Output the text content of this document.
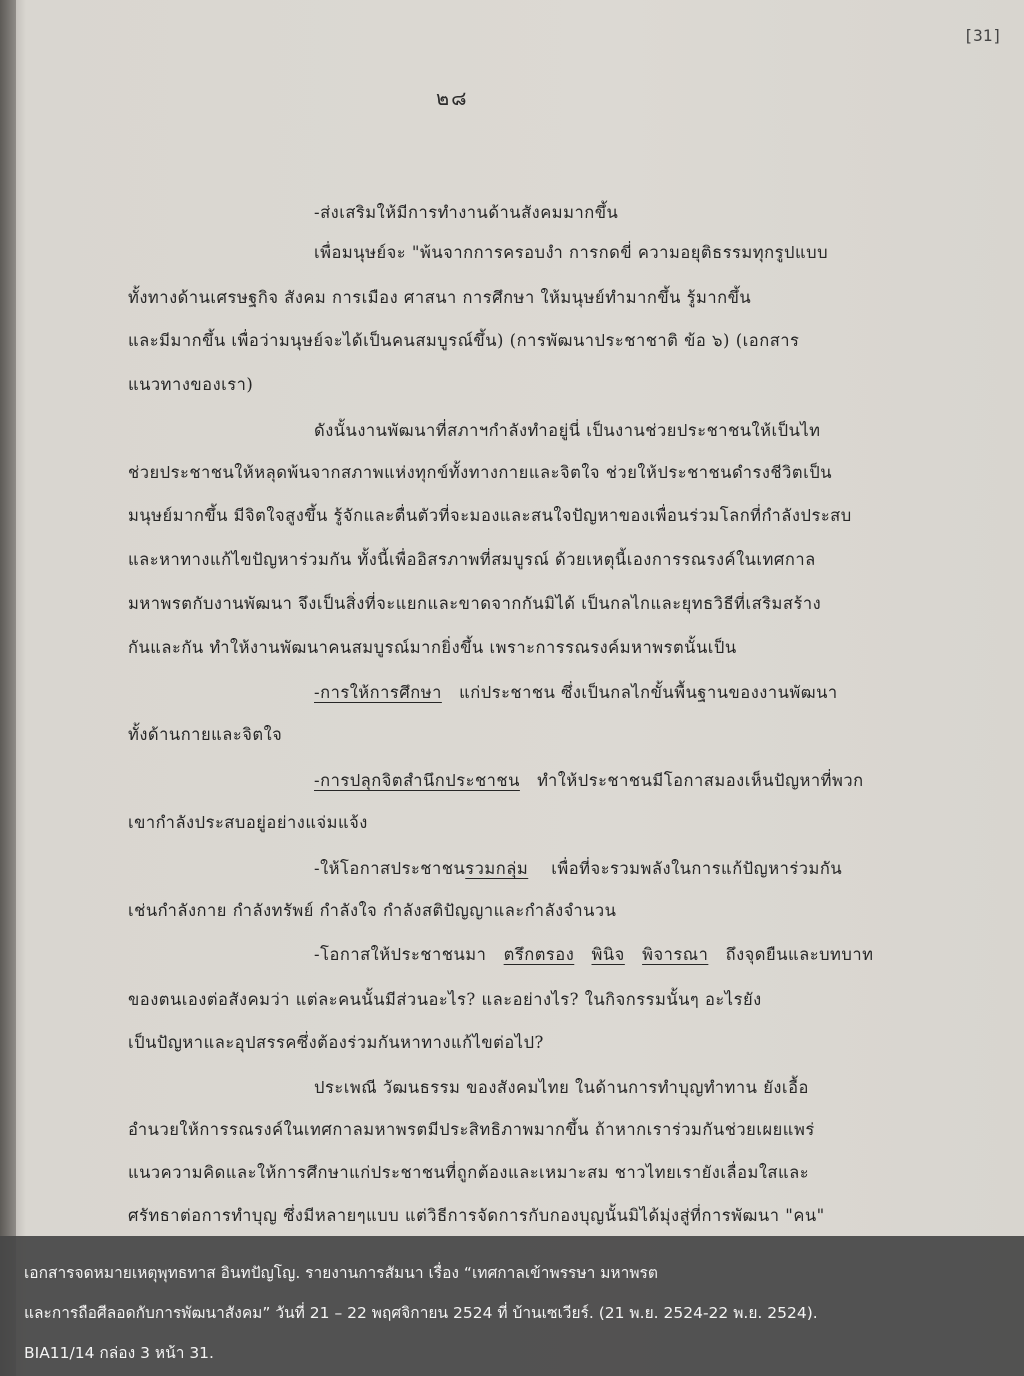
[31]
๒๘
-ส่งเสริมให้มีการทำงานด้านสังคมมากขึ้น
เพื่อมนุษย์จะ "พ้นจากการครอบงำ การกดขี่ ความอยุติธรรมทุกรูปแบบ
ทั้งทางด้านเศรษฐกิจ สังคม การเมือง ศาสนา การศึกษา ให้มนุษย์ทำมากขึ้น รู้มากขึ้น
และมีมากขึ้น เพื่อว่ามนุษย์จะได้เป็นคนสมบูรณ์ขึ้น) (การพัฒนาประชาชาติ ข้อ ๖) (เอกสาร
แนวทางของเรา)
ดังนั้นงานพัฒนาที่สภาฯกำลังทำอยู่นี่ เป็นงานช่วยประชาชนให้เป็นไท
ช่วยประชาชนให้หลุดพ้นจากสภาพแห่งทุกข์ทั้งทางกายและจิตใจ ช่วยให้ประชาชนดำรงชีวิตเป็น
มนุษย์มากขึ้น มีจิตใจสูงขึ้น รู้จักและตื่นตัวที่จะมองและสนใจปัญหาของเพื่อนร่วมโลกที่กำลังประสบ
และหาทางแก้ไขปัญหาร่วมกัน ทั้งนี้เพื่ออิสรภาพที่สมบูรณ์ ด้วยเหตุนี้เองการรณรงค์ในเทศกาล
มหาพรตกับงานพัฒนา จึงเป็นสิ่งที่จะแยกและขาดจากกันมิได้ เป็นกลไกและยุทธวิธีที่เสริมสร้าง
กันและกัน ทำให้งานพัฒนาคนสมบูรณ์มากยิ่งขึ้น เพราะการรณรงค์มหาพรตนั้นเป็น
-การให้การศึกษา แก่ประชาชน ซึ่งเป็นกลไกขั้นพื้นฐานของงานพัฒนา
ทั้งด้านกายและจิตใจ
-การปลุกจิตสำนึกประชาชน ทำให้ประชาชนมีโอกาสมองเห็นปัญหาที่พวก
เขากำลังประสบอยู่อย่างแจ่มแจ้ง
-ให้โอกาสประชาชนรวมกลุ่ม เพื่อที่จะรวมพลังในการแก้ปัญหาร่วมกัน
เช่นกำลังกาย กำลังทรัพย์ กำลังใจ กำลังสติปัญญาและกำลังจำนวน
-โอกาสให้ประชาชนมา ตรึกตรอง พินิจ พิจารณา ถึงจุดยืนและบทบาท
ของตนเองต่อสังคมว่า แต่ละคนนั้นมีส่วนอะไร? และอย่างไร? ในกิจกรรมนั้นๆ อะไรยัง
เป็นปัญหาและอุปสรรคซึ่งต้องร่วมกันหาทางแก้ไขต่อไป?
ประเพณี วัฒนธรรม ของสังคมไทย ในด้านการทำบุญทำทาน ยังเอื้อ
อำนวยให้การรณรงค์ในเทศกาลมหาพรตมีประสิทธิภาพมากขึ้น ถ้าหากเราร่วมกันช่วยเผยแพร่
แนวความคิดและให้การศึกษาแก่ประชาชนที่ถูกต้องและเหมาะสม ชาวไทยเรายังเลื่อมใสและ
ศรัทธาต่อการทำบุญ ซึ่งมีหลายๆแบบ แต่วิธีการจัดการกับกองบุญนั้นมิได้มุ่งสู่ที่การพัฒนา "คน"
เอกสารจดหมายเหตุพุทธทาส อินทปัญโญ. รายงานการสัมนา เรื่อง “เทศกาลเข้าพรรษา มหาพรต
และการถือศีลอดกับการพัฒนาสังคม” วันที่ 21 – 22 พฤศจิกายน 2524 ที่ บ้านเซเวียร์. (21 พ.ย. 2524-22 พ.ย. 2524).
BIA11/14 กล่อง 3 หน้า 31.
